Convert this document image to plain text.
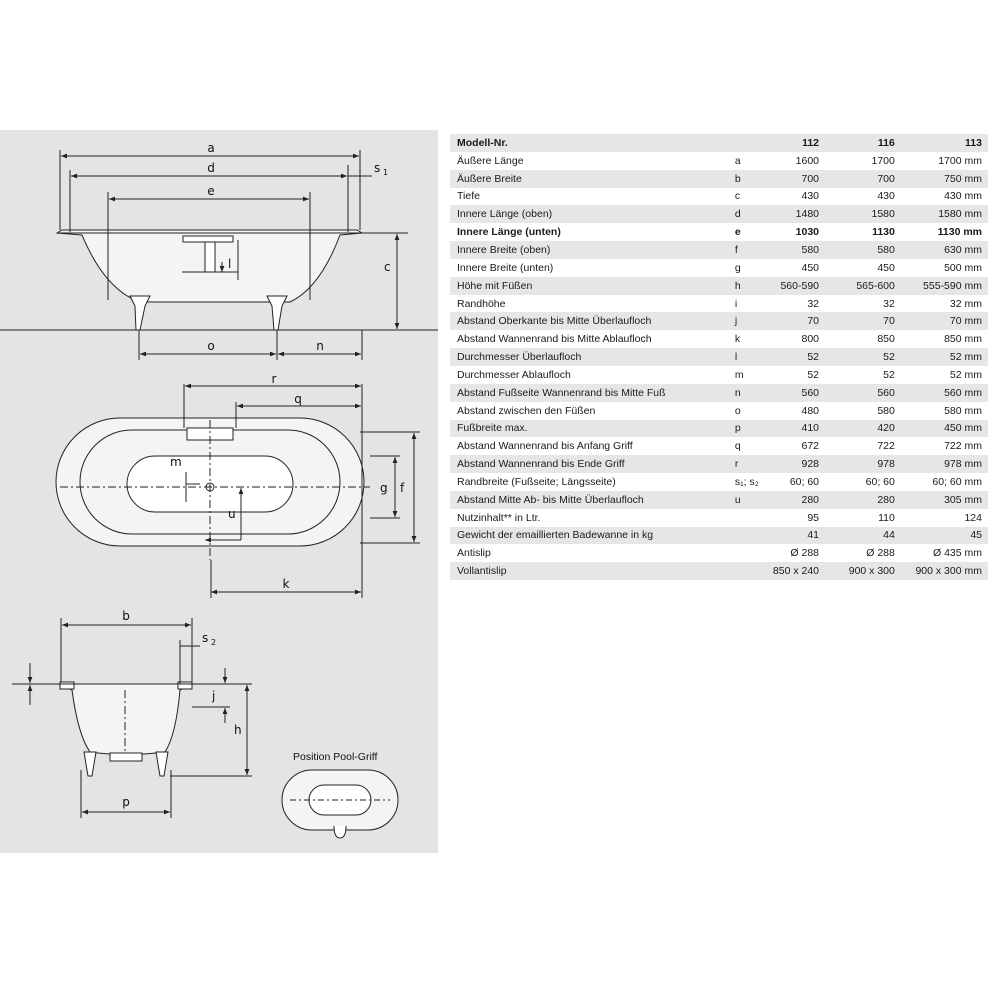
a
d
e
s 1
l	c
o	n
r
q
m
g f
u
k
b
s 2
j
h
p
Position Pool-Griff
Modell-Nr.		112	116	113
Äußere Länge	a	1600	1700	1700 mm
Äußere Breite	b	700	700	750 mm
Tiefe	c	430	430	430 mm
Innere Länge (oben)	d	1480	1580	1580 mm
Innere Länge (unten)	e	1030	1130	1130 mm
Innere Breite (oben)	f	580	580	630 mm
Innere Breite (unten)	g	450	450	500 mm
Höhe mit Füßen	h	560-590	565-600	555-590 mm
Randhöhe	i	32	32	32 mm
Abstand Oberkante bis Mitte Überlaufloch	j	70	70	70 mm
Abstand Wannenrand bis Mitte Ablaufloch	k	800	850	850 mm
Durchmesser Überlaufloch	l	52	52	52 mm
Durchmesser Ablaufloch	m	52	52	52 mm
Abstand Fußseite Wannenrand bis Mitte Fuß	n	560	560	560 mm
Abstand zwischen den Füßen	o	480	580	580 mm
Fußbreite max.	p	410	420	450 mm
Abstand Wannenrand bis Anfang Griff	q	672	722	722 mm
Abstand Wannenrand bis Ende Griff	r	928	978	978 mm
Randbreite (Fußseite; Längsseite)	s₁; s₂	60; 60	60; 60	60; 60 mm
Abstand Mitte Ab- bis Mitte Überlaufloch	u	280	280	305 mm
Nutzinhalt** in Ltr.		95	110	124
Gewicht der emaillierten Badewanne in kg		41	44	45
Antislip		Ø 288	Ø 288	Ø 435 mm
Vollantislip		850 x 240	900 x 300	900 x 300 mm
